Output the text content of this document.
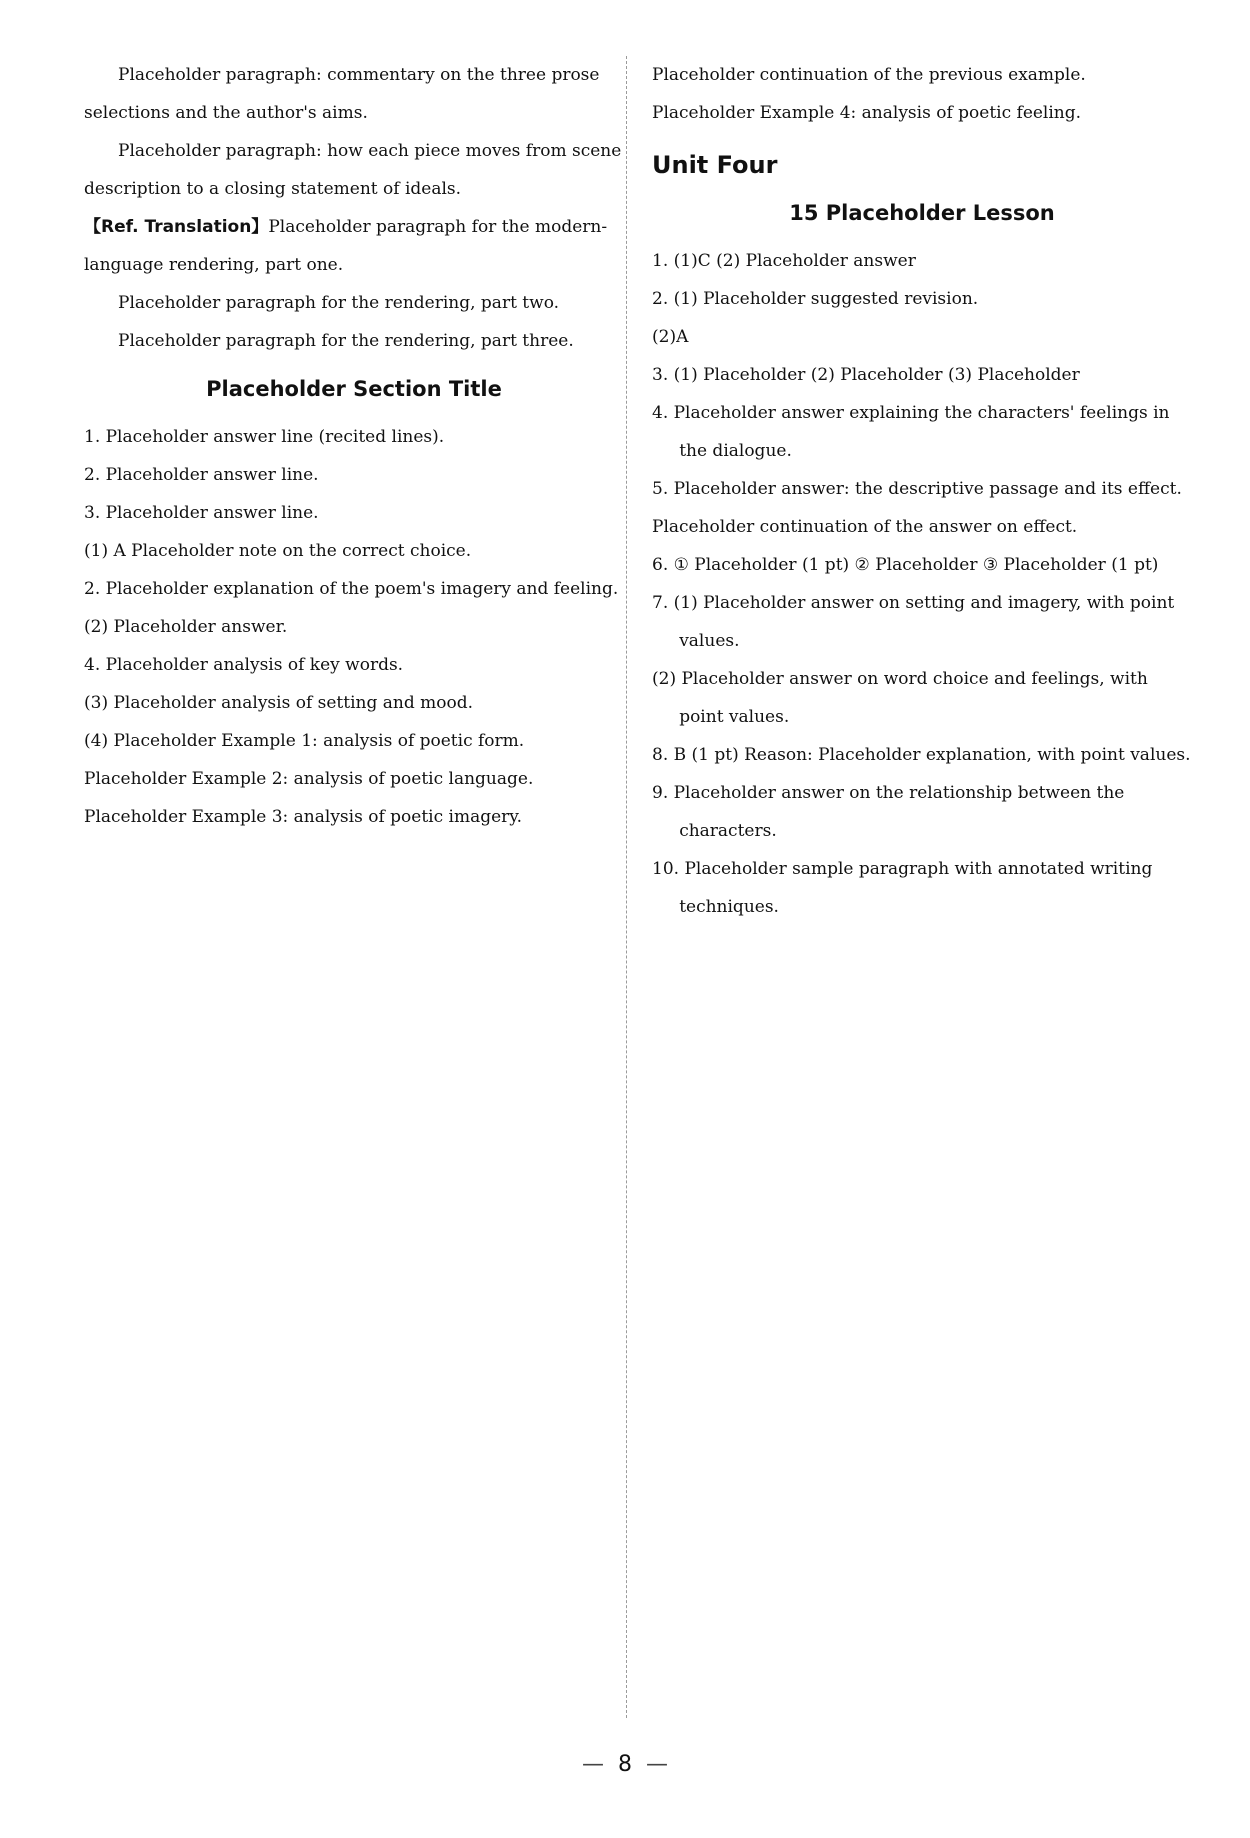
Placeholder paragraph: commentary on the three prose selections and the author's aims.

Placeholder paragraph: how each piece moves from scene description to a closing statement of ideals.

【Ref. Translation】Placeholder paragraph for the modern-language rendering, part one.

Placeholder paragraph for the rendering, part two.

Placeholder paragraph for the rendering, part three.

Placeholder Section Title

1. Placeholder answer line (recited lines).

2. Placeholder answer line.

3. Placeholder answer line.

(1) A Placeholder note on the correct choice.

2. Placeholder explanation of the poem's imagery and feeling.

(2) Placeholder answer.

4. Placeholder analysis of key words.

(3) Placeholder analysis of setting and mood.

(4) Placeholder Example 1: analysis of poetic form.

Placeholder Example 2: analysis of poetic language.

Placeholder Example 3: analysis of poetic imagery.

Placeholder continuation of the previous example.

Placeholder Example 4: analysis of poetic feeling.

Unit Four
15 Placeholder Lesson

1. (1)C (2) Placeholder answer

2. (1) Placeholder suggested revision.

(2)A

3. (1) Placeholder (2) Placeholder (3) Placeholder

4. Placeholder answer explaining the characters' feelings in the dialogue.

5. Placeholder answer: the descriptive passage and its effect.

Placeholder continuation of the answer on effect.

6. ① Placeholder (1 pt) ② Placeholder ③ Placeholder (1 pt)

7. (1) Placeholder answer on setting and imagery, with point values.

(2) Placeholder answer on word choice and feelings, with point values.

8. B (1 pt) Reason: Placeholder explanation, with point values.

9. Placeholder answer on the relationship between the characters.

10. Placeholder sample paragraph with annotated writing techniques.

— 8 —
